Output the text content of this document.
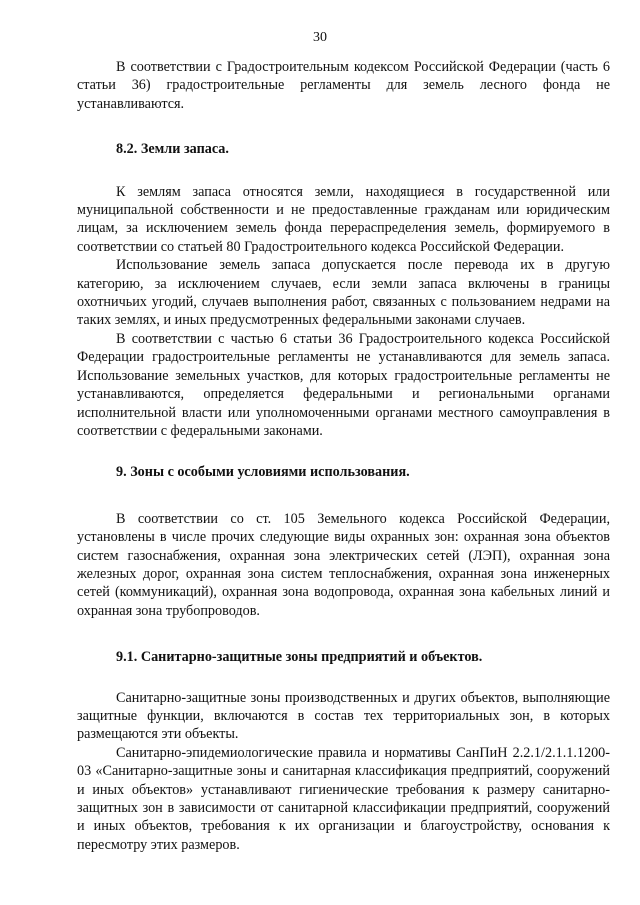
30

В соответствии с Градостроительным кодексом Российской Федерации (часть 6 статьи 36) градостроительные регламенты для земель лесного фонда не устанавливаются.

8.2. Земли запаса.

К землям запаса относятся земли, находящиеся в государственной или муниципальной собственности и не предоставленные гражданам или юридическим лицам, за исключением земель фонда перераспределения земель, формируемого в соответствии со статьей 80 Градостроительного кодекса Российской Федерации.

Использование земель запаса допускается после перевода их в другую категорию, за исключением случаев, если земли запаса включены в границы охотничьих угодий, случаев выполнения работ, связанных с пользованием недрами на таких землях, и иных предусмотренных федеральными законами случаев.

В соответствии с частью 6 статьи 36 Градостроительного кодекса Российской Федерации градостроительные регламенты не устанавливаются для земель запаса. Использование земельных участков, для которых градостроительные регламенты не устанавливаются, определяется федеральными и региональными органами исполнительной власти или уполномоченными органами местного самоуправления в соответствии с федеральными законами.

9. Зоны с особыми условиями использования.

В соответствии со ст. 105 Земельного кодекса Российской Федерации, установлены в числе прочих следующие виды охранных зон: охранная зона объектов систем газоснабжения, охранная зона электрических сетей (ЛЭП), охранная зона железных дорог, охранная зона систем теплоснабжения, охранная зона инженерных сетей (коммуникаций), охранная зона водопровода, охранная зона кабельных линий и охранная зона трубопроводов.

9.1. Санитарно-защитные зоны предприятий и объектов.

Санитарно-защитные зоны производственных и других объектов, выполняющие защитные функции, включаются в состав тех территориальных зон, в которых размещаются эти объекты.

Санитарно-эпидемиологические правила и нормативы СанПиН 2.2.1/2.1.1.1200-03 «Санитарно-защитные зоны и санитарная классификация предприятий, сооружений и иных объектов» устанавливают гигиенические требования к размеру санитарно-защитных зон в зависимости от санитарной классификации предприятий, сооружений и иных объектов, требования к их организации и благоустройству, основания к пересмотру этих размеров.
